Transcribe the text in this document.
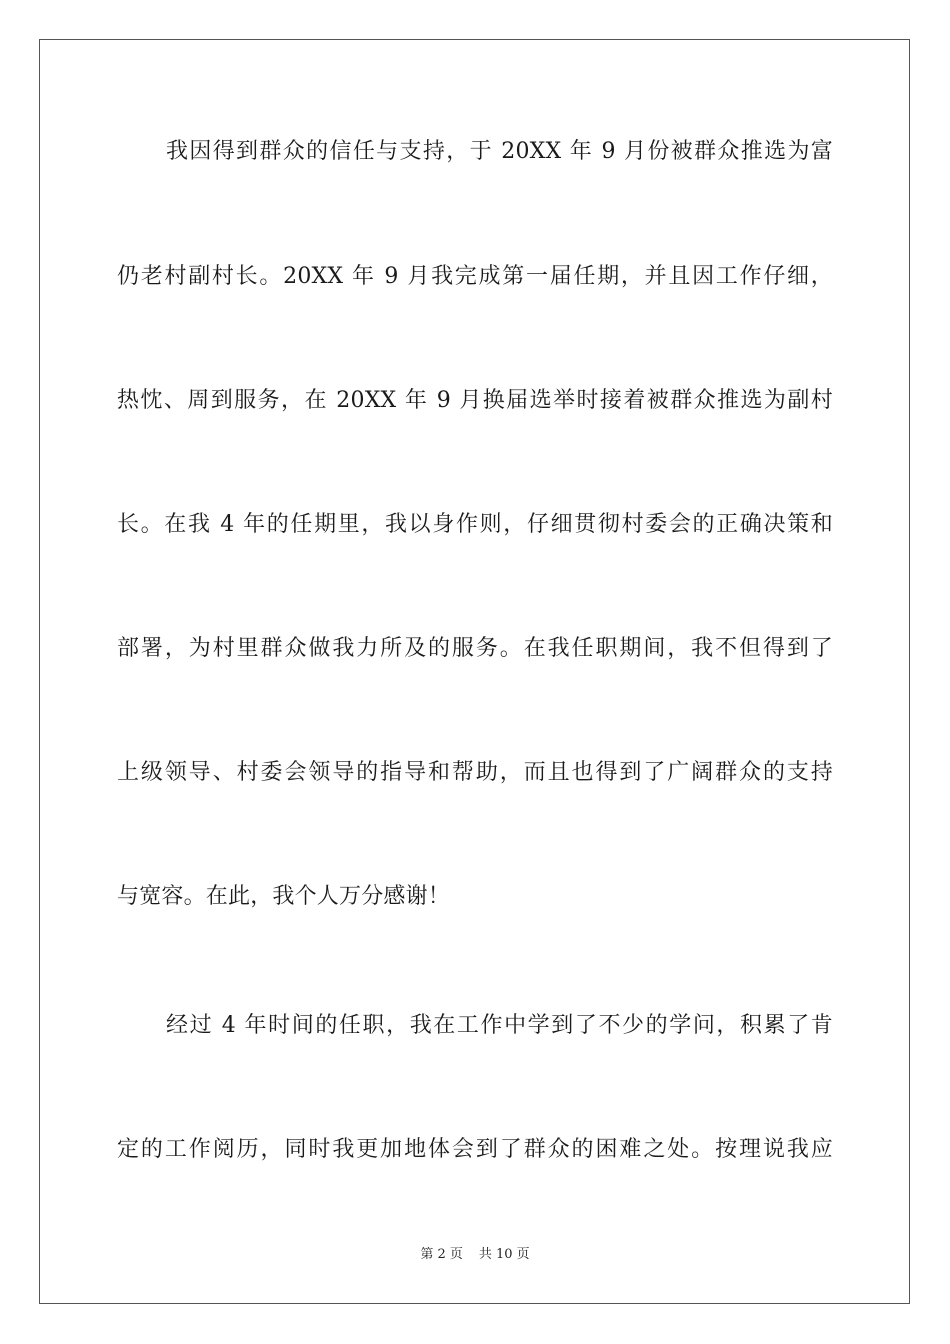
我因得到群众的信任与支持，于 20XX 年 9 月份被群众推选为富
仍老村副村长。20XX 年 9 月我完成第一届任期，并且因工作仔细，
热忱、周到服务，在 20XX 年 9 月换届选举时接着被群众推选为副村
长。在我 4 年的任期里，我以身作则，仔细贯彻村委会的正确决策和
部署，为村里群众做我力所及的服务。在我任职期间，我不但得到了
上级领导、村委会领导的指导和帮助，而且也得到了广阔群众的支持
与宽容。在此，我个人万分感谢！
经过 4 年时间的任职，我在工作中学到了不少的学问，积累了肯
定的工作阅历，同时我更加地体会到了群众的困难之处。按理说我应
第 2 页 共 10 页
